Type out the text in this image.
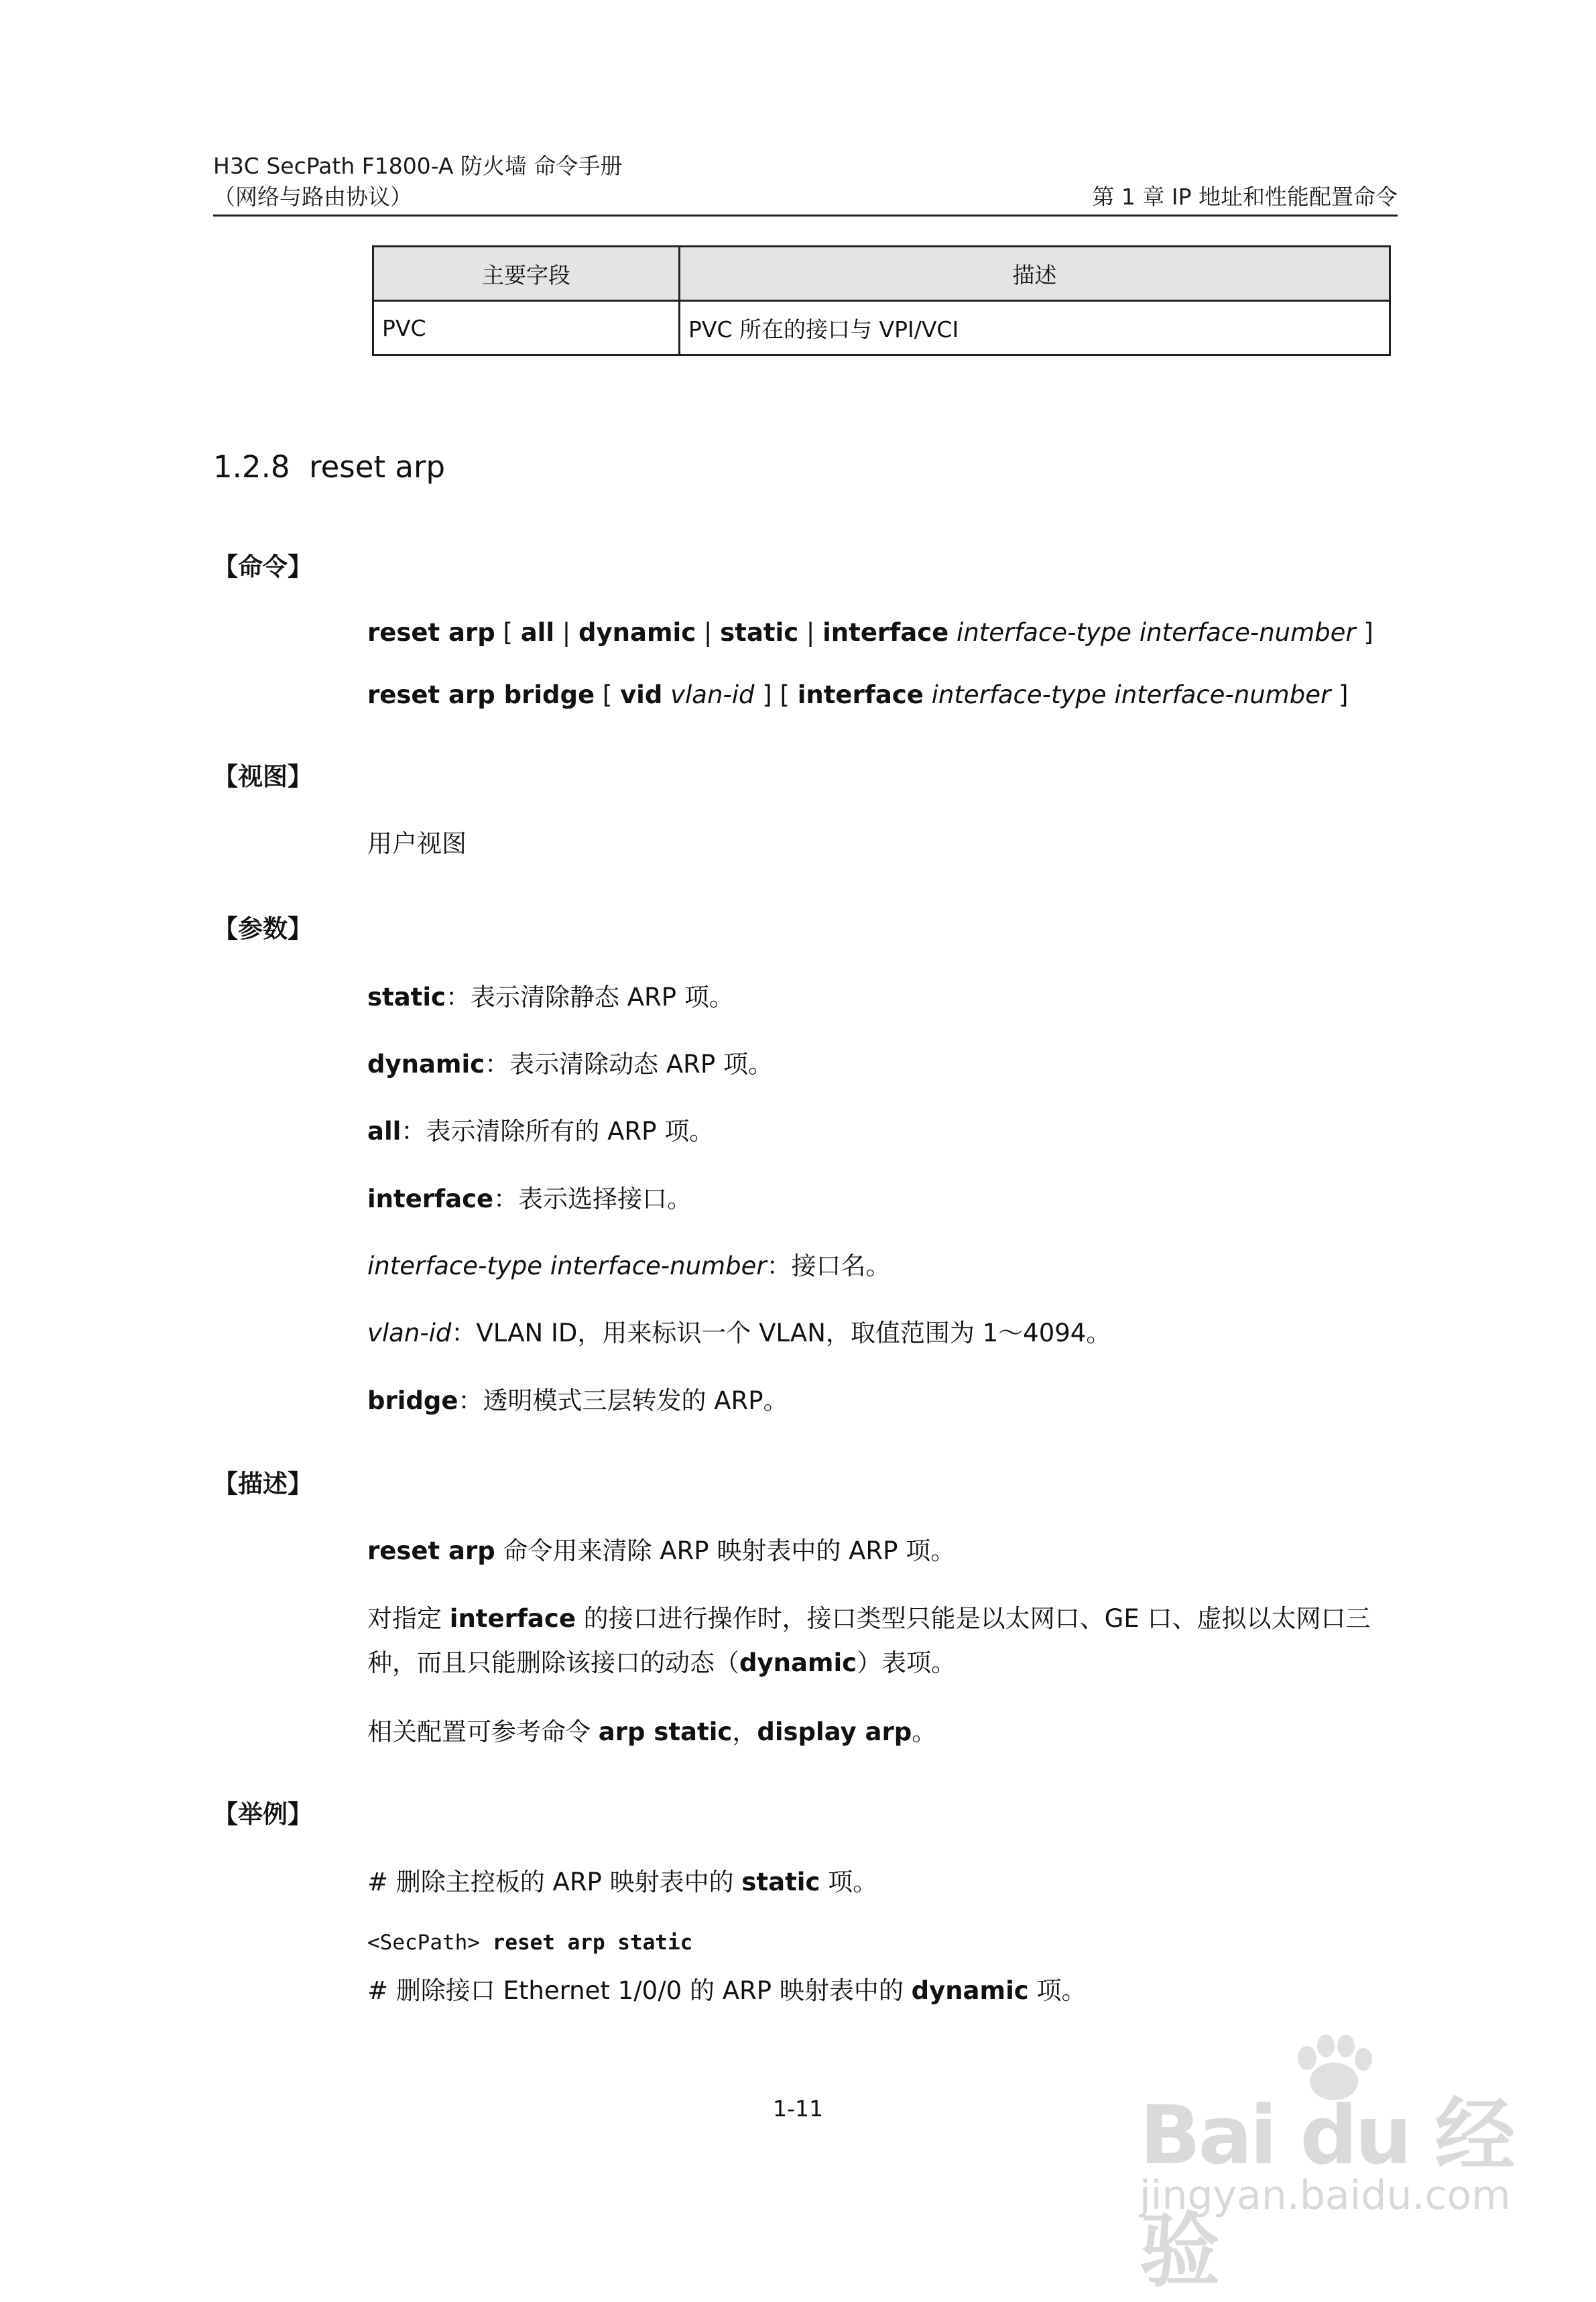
H3C SecPath F1800-A 防火墙 命令手册
（网络与路由协议）	第 1 章 IP 地址和性能配置命令
主要字段	描述
PVC	PVC 所在的接口与 VPI/VCI
1.2.8 reset arp
【命令】
reset arp [ all | dynamic | static | interface interface-type interface-number ]
reset arp bridge [ vid vlan-id ] [ interface interface-type interface-number ]
【视图】
用户视图
【参数】
static：表示清除静态 ARP 项。
dynamic：表示清除动态 ARP 项。
all：表示清除所有的 ARP 项。
interface：表示选择接口。
interface-type interface-number：接口名。
vlan-id：VLAN ID，用来标识一个 VLAN，取值范围为 1～4094。
bridge：透明模式三层转发的 ARP。
【描述】
reset arp 命令用来清除 ARP 映射表中的 ARP 项。
对指定 interface 的接口进行操作时，接口类型只能是以太网口、GE 口、虚拟以太网口三种，而且只能删除该接口的动态（dynamic）表项。
相关配置可参考命令 arp static，display arp。
【举例】
# 删除主控板的 ARP 映射表中的 static 项。
<SecPath> reset arp static
# 删除接口 Ethernet 1/0/0 的 ARP 映射表中的 dynamic 项。
1-11	Bai du 经验
jingyan.baidu.com
